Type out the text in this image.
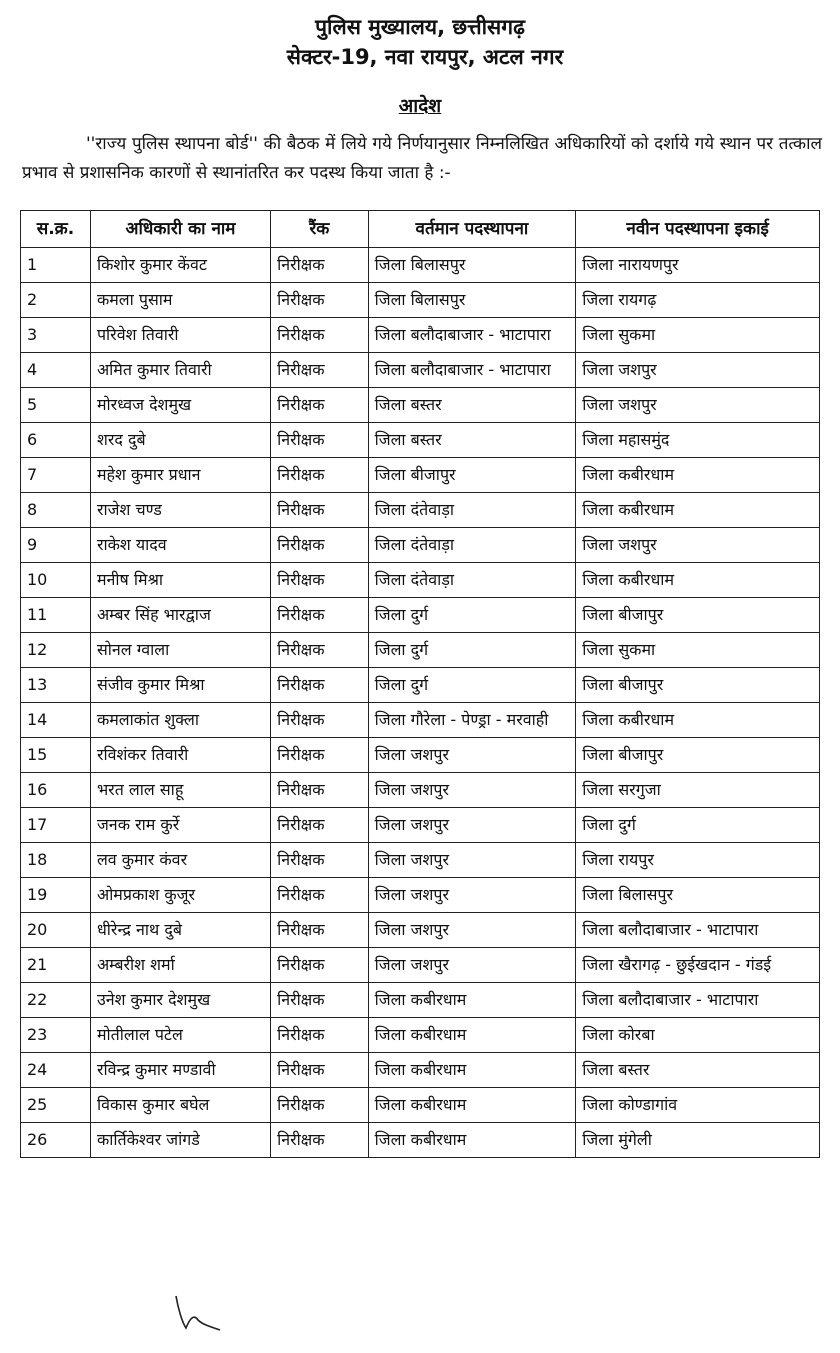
पुलिस मुख्यालय, छत्तीसगढ़
सेक्टर-19, नवा रायपुर, अटल नगर
आदेश
''राज्य पुलिस स्थापना बोर्ड'' की बैठक में लिये गये निर्णयानुसार निम्नलिखित अधिकारियों को दर्शाये गये स्थान पर तत्काल प्रभाव से प्रशासनिक कारणों से स्थानांतरित कर पदस्थ किया जाता है :-
स.क्र.	अधिकारी का नाम	रैंक	वर्तमान पदस्थापना	नवीन पदस्थापना इकाई
1	किशोर कुमार केंवट	निरीक्षक	जिला बिलासपुर	जिला नारायणपुर
2	कमला पुसाम	निरीक्षक	जिला बिलासपुर	जिला रायगढ़
3	परिवेश तिवारी	निरीक्षक	जिला बलौदाबाजार - भाटापारा	जिला सुकमा
4	अमित कुमार तिवारी	निरीक्षक	जिला बलौदाबाजार - भाटापारा	जिला जशपुर
5	मोरध्वज देशमुख	निरीक्षक	जिला बस्तर	जिला जशपुर
6	शरद दुबे	निरीक्षक	जिला बस्तर	जिला महासमुंद
7	महेश कुमार प्रधान	निरीक्षक	जिला बीजापुर	जिला कबीरधाम
8	राजेश चण्ड	निरीक्षक	जिला दंतेवाड़ा	जिला कबीरधाम
9	राकेश यादव	निरीक्षक	जिला दंतेवाड़ा	जिला जशपुर
10	मनीष मिश्रा	निरीक्षक	जिला दंतेवाड़ा	जिला कबीरधाम
11	अम्बर सिंह भारद्वाज	निरीक्षक	जिला दुर्ग	जिला बीजापुर
12	सोनल ग्वाला	निरीक्षक	जिला दुर्ग	जिला सुकमा
13	संजीव कुमार मिश्रा	निरीक्षक	जिला दुर्ग	जिला बीजापुर
14	कमलाकांत शुक्ला	निरीक्षक	जिला गौरेला - पेण्ड्रा - मरवाही	जिला कबीरधाम
15	रविशंकर तिवारी	निरीक्षक	जिला जशपुर	जिला बीजापुर
16	भरत लाल साहू	निरीक्षक	जिला जशपुर	जिला सरगुजा
17	जनक राम कुर्रे	निरीक्षक	जिला जशपुर	जिला दुर्ग
18	लव कुमार कंवर	निरीक्षक	जिला जशपुर	जिला रायपुर
19	ओमप्रकाश कुजूर	निरीक्षक	जिला जशपुर	जिला बिलासपुर
20	धीरेन्द्र नाथ दुबे	निरीक्षक	जिला जशपुर	जिला बलौदाबाजार - भाटापारा
21	अम्बरीश शर्मा	निरीक्षक	जिला जशपुर	जिला खैरागढ़ - छुईखदान - गंडई
22	उनेश कुमार देशमुख	निरीक्षक	जिला कबीरधाम	जिला बलौदाबाजार - भाटापारा
23	मोतीलाल पटेल	निरीक्षक	जिला कबीरधाम	जिला कोरबा
24	रविन्द्र कुमार मण्डावी	निरीक्षक	जिला कबीरधाम	जिला बस्तर
25	विकास कुमार बघेल	निरीक्षक	जिला कबीरधाम	जिला कोण्डागांव
26	कार्तिकेश्वर जांगडे	निरीक्षक	जिला कबीरधाम	जिला मुंगेली
